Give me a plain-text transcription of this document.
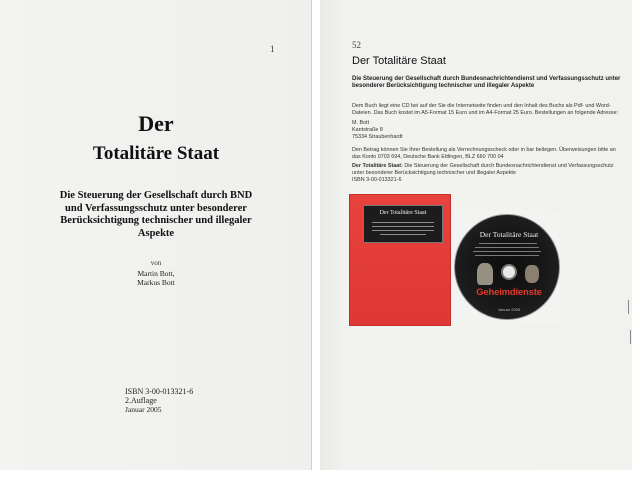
1

Der

Totalitäre Staat

Die Steuerung der Gesellschaft durch BND und Verfassungsschutz unter besonderer Berücksichtigung technischer und illegaler Aspekte

von

Martin Bott,

Markus Bott

ISBN 3-00-013321-6

2.Auflage

Januar 2005

52

Der Totalitäre Staat

Die Steuerung der Gesellschaft durch Bundesnachrichtendienst und Verfassungsschutz unter besonderer Berücksichtigung technischer und illegaler Aspekte

Dem Buch liegt eine CD bei auf der Sie die Internetseite finden und den Inhalt des Buchs als Pdf- und Word-Dateien. Das Buch kostet im A5-Format 15 Euro und im A4-Format 25 Euro. Bestellungen an folgende Adresse:

M. Bott
Kantstraße 8
75334 Straubenhardt

Den Betrag können Sie Ihrer Bestellung als Verrechnungsscheck oder in bar beilegen. Überweisungen bitte an das Konto 0703 694, Deutsche Bank Ettlingen, BLZ 660 700 04

Der Totalitäre Staat: Die Steuerung der Gesellschaft durch Bundesnachrichtendienst und Verfassungsschutz unter besonderer Berücksichtigung technischer und illegaler Aspekte
ISBN 3-00-013321-6
Der Totalitäre Staat
Der Totalitäre Staat
Geheimdienste
Januar 2005
